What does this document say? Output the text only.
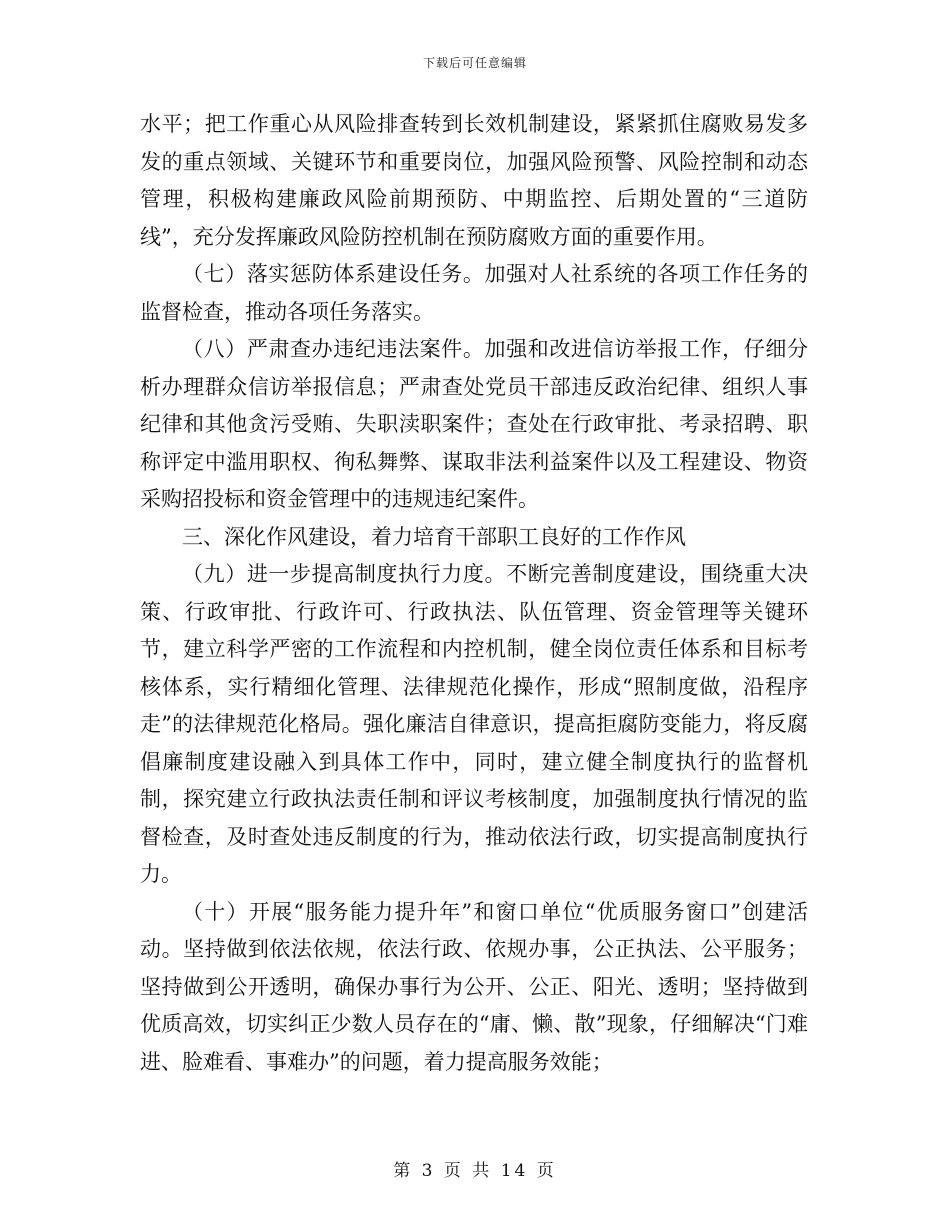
下载后可任意编辑

水平；把工作重心从风险排查转到长效机制建设，紧紧抓住腐败易发多发的重点领域、关键环节和重要岗位，加强风险预警、风险控制和动态管理，积极构建廉政风险前期预防、中期监控、后期处置的“三道防线”，充分发挥廉政风险防控机制在预防腐败方面的重要作用。

（七）落实惩防体系建设任务。加强对人社系统的各项工作任务的监督检查，推动各项任务落实。

（八）严肃查办违纪违法案件。加强和改进信访举报工作，仔细分析办理群众信访举报信息；严肃查处党员干部违反政治纪律、组织人事纪律和其他贪污受贿、失职渎职案件；查处在行政审批、考录招聘、职称评定中滥用职权、徇私舞弊、谋取非法利益案件以及工程建设、物资采购招投标和资金管理中的违规违纪案件。

三、深化作风建设，着力培育干部职工良好的工作作风

（九）进一步提高制度执行力度。不断完善制度建设，围绕重大决策、行政审批、行政许可、行政执法、队伍管理、资金管理等关键环节，建立科学严密的工作流程和内控机制，健全岗位责任体系和目标考核体系，实行精细化管理、法律规范化操作，形成“照制度做，沿程序走”的法律规范化格局。强化廉洁自律意识，提高拒腐防变能力，将反腐倡廉制度建设融入到具体工作中，同时，建立健全制度执行的监督机制，探究建立行政执法责任制和评议考核制度，加强制度执行情况的监督检查，及时查处违反制度的行为，推动依法行政，切实提高制度执行力。

（十）开展“服务能力提升年”和窗口单位“优质服务窗口”创建活动。坚持做到依法依规，依法行政、依规办事，公正执法、公平服务；坚持做到公开透明，确保办事行为公开、公正、阳光、透明；坚持做到优质高效，切实纠正少数人员存在的“庸、懒、散”现象，仔细解决“门难进、脸难看、事难办”的问题，着力提高服务效能；

第 3 页 共 14 页
